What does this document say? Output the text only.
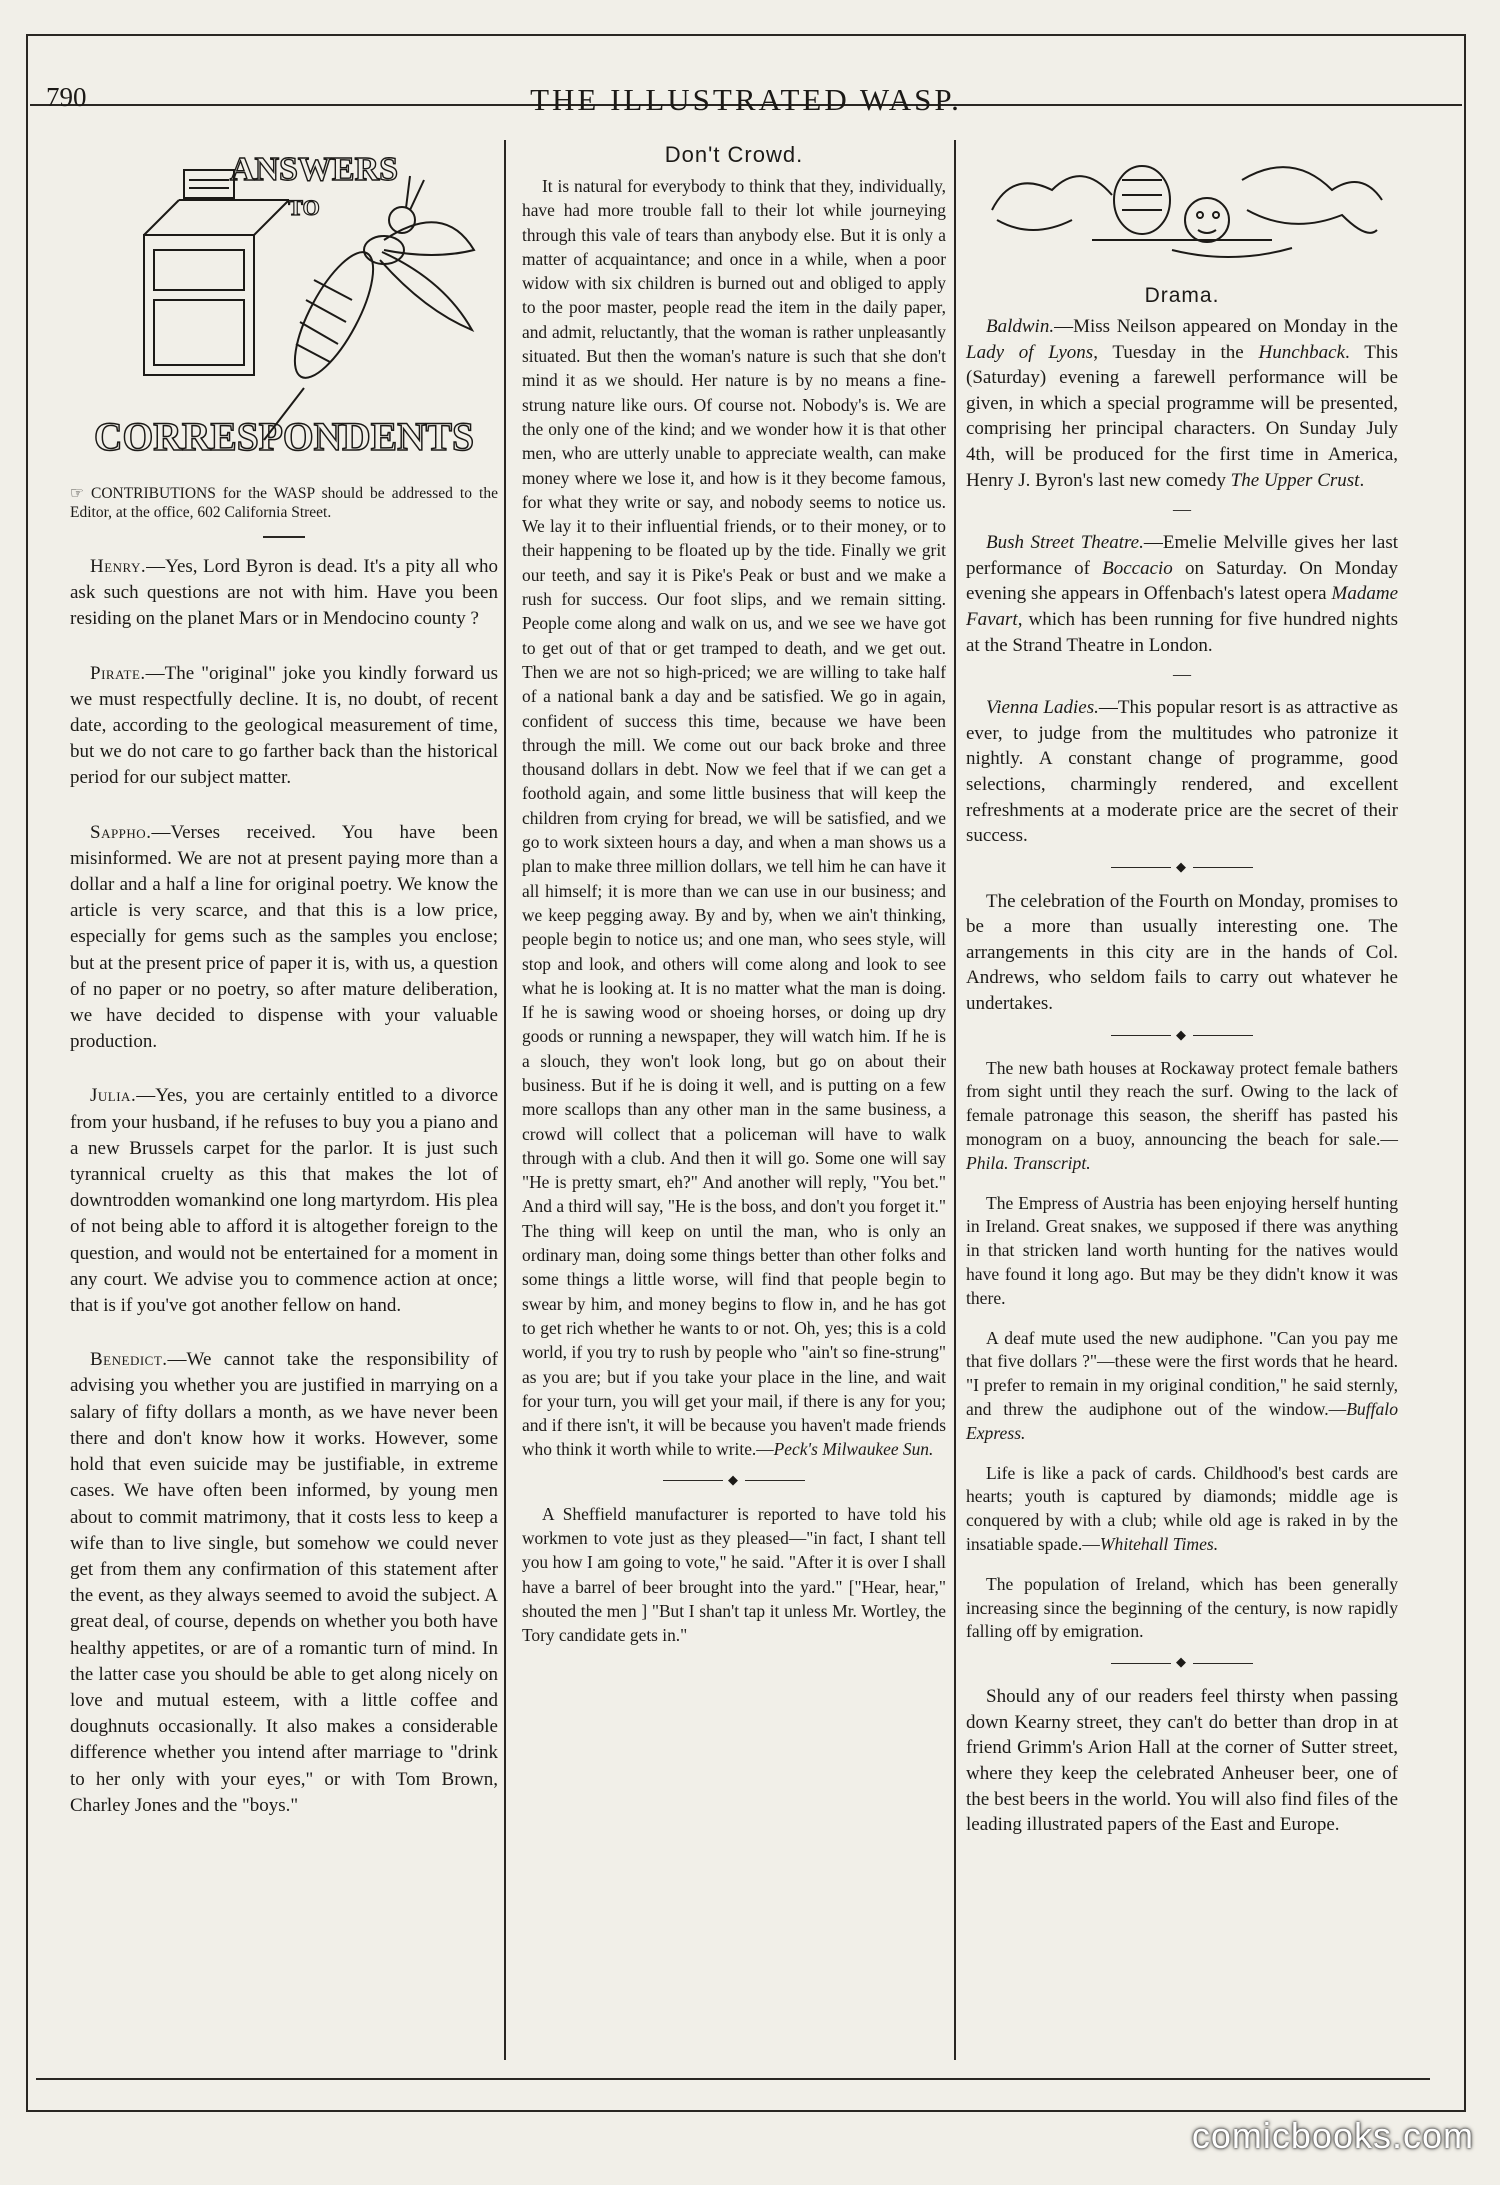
790	THE ILLUSTRATED WASP.
ANSWERS
TO
CORRESPONDENTS

☞ CONTRIBUTIONS for the WASP should be addressed to the Editor, at the office, 602 California Street.

Henry.—Yes, Lord Byron is dead. It's a pity all who ask such questions are not with him. Have you been residing on the planet Mars or in Mendocino county ?

Pirate.—The "original" joke you kindly forward us we must respectfully decline. It is, no doubt, of recent date, according to the geological measurement of time, but we do not care to go farther back than the historical period for our subject matter.

Sappho.—Verses received. You have been misinformed. We are not at present paying more than a dollar and a half a line for original poetry. We know the article is very scarce, and that this is a low price, especially for gems such as the samples you enclose; but at the present price of paper it is, with us, a question of no paper or no poetry, so after mature deliberation, we have decided to dispense with your valuable production.

Julia.—Yes, you are certainly entitled to a divorce from your husband, if he refuses to buy you a piano and a new Brussels carpet for the parlor. It is just such tyrannical cruelty as this that makes the lot of downtrodden womankind one long martyrdom. His plea of not being able to afford it is altogether foreign to the question, and would not be entertained for a moment in any court. We advise you to commence action at once; that is if you've got another fellow on hand.

Benedict.—We cannot take the responsibility of advising you whether you are justified in marrying on a salary of fifty dollars a month, as we have never been there and don't know how it works. However, some hold that even suicide may be justifiable, in extreme cases. We have often been informed, by young men about to commit matrimony, that it costs less to keep a wife than to live single, but somehow we could never get from them any confirmation of this statement after the event, as they always seemed to avoid the subject. A great deal, of course, depends on whether you both have healthy appetites, or are of a romantic turn of mind. In the latter case you should be able to get along nicely on love and mutual esteem, with a little coffee and doughnuts occasionally. It also makes a considerable difference whether you intend after marriage to "drink to her only with your eyes," or with Tom Brown, Charley Jones and the "boys."

Don't Crowd.

It is natural for everybody to think that they, individually, have had more trouble fall to their lot while journeying through this vale of tears than anybody else. But it is only a matter of acquaintance; and once in a while, when a poor widow with six children is burned out and obliged to apply to the poor master, people read the item in the daily paper, and admit, reluctantly, that the woman is rather unpleasantly situated. But then the woman's nature is such that she don't mind it as we should. Her nature is by no means a fine-strung nature like ours. Of course not. Nobody's is. We are the only one of the kind; and we wonder how it is that other men, who are utterly unable to appreciate wealth, can make money where we lose it, and how is it they become famous, for what they write or say, and nobody seems to notice us. We lay it to their influential friends, or to their money, or to their happening to be floated up by the tide. Finally we grit our teeth, and say it is Pike's Peak or bust and we make a rush for success. Our foot slips, and we remain sitting. People come along and walk on us, and we see we have got to get out of that or get tramped to death, and we get out. Then we are not so high-priced; we are willing to take half of a national bank a day and be satisfied. We go in again, confident of success this time, because we have been through the mill. We come out our back broke and three thousand dollars in debt. Now we feel that if we can get a foothold again, and some little business that will keep the children from crying for bread, we will be satisfied, and we go to work sixteen hours a day, and when a man shows us a plan to make three million dollars, we tell him he can have it all himself; it is more than we can use in our business; and we keep pegging away. By and by, when we ain't thinking, people begin to notice us; and one man, who sees style, will stop and look, and others will come along and look to see what he is looking at. It is no matter what the man is doing. If he is sawing wood or shoeing horses, or doing up dry goods or running a newspaper, they will watch him. If he is a slouch, they won't look long, but go on about their business. But if he is doing it well, and is putting on a few more scallops than any other man in the same business, a crowd will collect that a policeman will have to walk through with a club. And then it will go. Some one will say "He is pretty smart, eh?" And another will reply, "You bet." And a third will say, "He is the boss, and don't you forget it." The thing will keep on until the man, who is only an ordinary man, doing some things better than other folks and some things a little worse, will find that people begin to swear by him, and money begins to flow in, and he has got to get rich whether he wants to or not. Oh, yes; this is a cold world, if you try to rush by people who "ain't so fine-strung" as you are; but if you take your place in the line, and wait for your turn, you will get your mail, if there is any for you; and if there isn't, it will be because you haven't made friends who think it worth while to write.—Peck's Milwaukee Sun.

◆

A Sheffield manufacturer is reported to have told his workmen to vote just as they pleased—"in fact, I shant tell you how I am going to vote," he said. "After it is over I shall have a barrel of beer brought into the yard." ["Hear, hear," shouted the men ] "But I shan't tap it unless Mr. Wortley, the Tory candidate gets in."

Drama.

Baldwin.—Miss Neilson appeared on Monday in the Lady of Lyons, Tuesday in the Hunchback. This (Saturday) evening a farewell performance will be given, in which a special programme will be presented, comprising her principal characters. On Sunday July 4th, will be produced for the first time in America, Henry J. Byron's last new comedy The Upper Crust.

—

Bush Street Theatre.—Emelie Melville gives her last performance of Boccacio on Saturday. On Monday evening she appears in Offenbach's latest opera Madame Favart, which has been running for five hundred nights at the Strand Theatre in London.

—

Vienna Ladies.—This popular resort is as attractive as ever, to judge from the multitudes who patronize it nightly. A constant change of programme, good selections, charmingly rendered, and excellent refreshments at a moderate price are the secret of their success.

◆

The celebration of the Fourth on Monday, promises to be a more than usually interesting one. The arrangements in this city are in the hands of Col. Andrews, who seldom fails to carry out whatever he undertakes.

◆

The new bath houses at Rockaway protect female bathers from sight until they reach the surf. Owing to the lack of female patronage this season, the sheriff has pasted his monogram on a buoy, announcing the beach for sale.—Phila. Transcript.

The Empress of Austria has been enjoying herself hunting in Ireland. Great snakes, we supposed if there was anything in that stricken land worth hunting for the natives would have found it long ago. But may be they didn't know it was there.

A deaf mute used the new audiphone. "Can you pay me that five dollars ?"—these were the first words that he heard. "I prefer to remain in my original condition," he said sternly, and threw the audiphone out of the window.—Buffalo Express.

Life is like a pack of cards. Childhood's best cards are hearts; youth is captured by diamonds; middle age is conquered by with a club; while old age is raked in by the insatiable spade.—Whitehall Times.

The population of Ireland, which has been generally increasing since the beginning of the century, is now rapidly falling off by emigration.

◆

Should any of our readers feel thirsty when passing down Kearny street, they can't do better than drop in at friend Grimm's Arion Hall at the corner of Sutter street, where they keep the celebrated Anheuser beer, one of the best beers in the world. You will also find files of the leading illustrated papers of the East and Europe.

comicbooks.com
